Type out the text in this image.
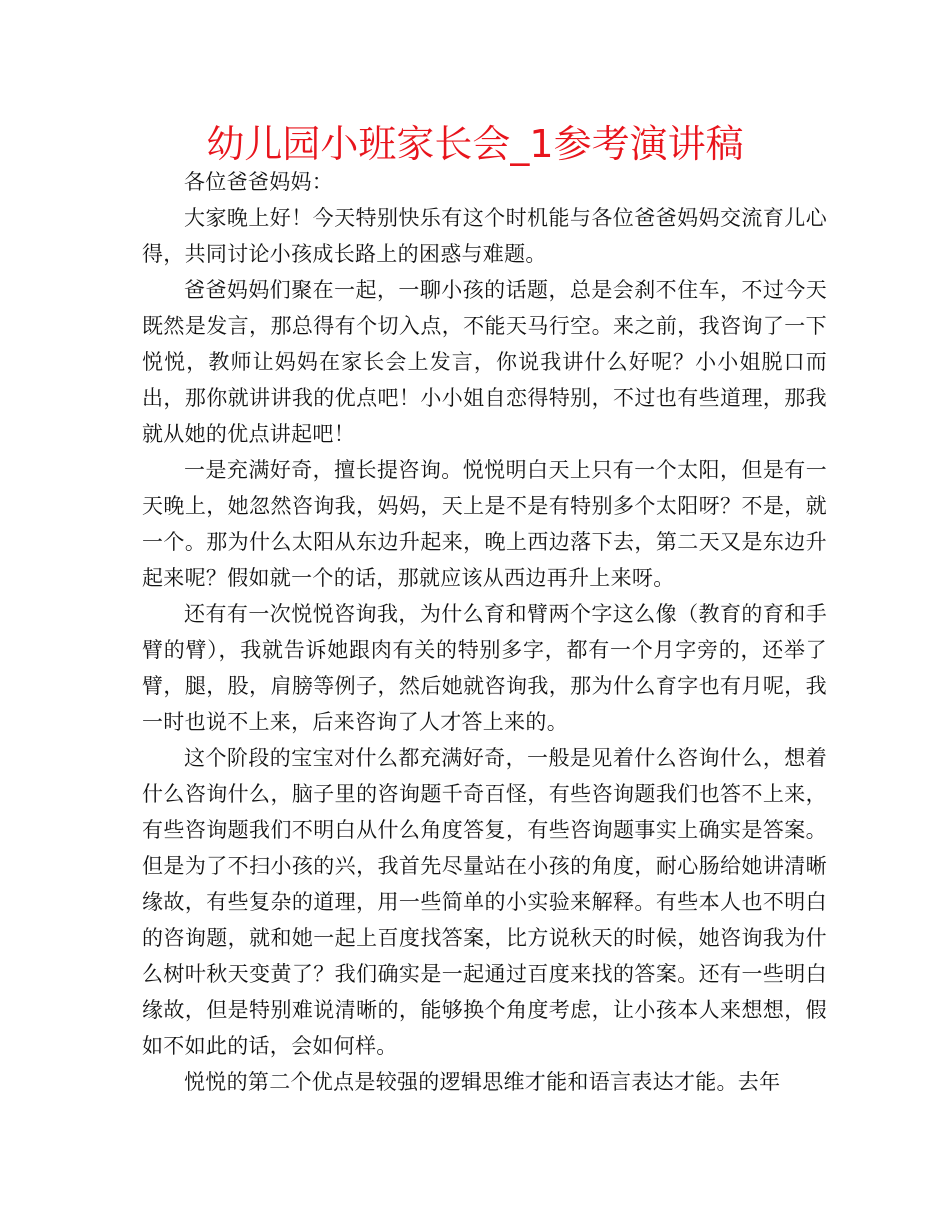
幼儿园小班家长会_1参考演讲稿

各位爸爸妈妈：

大家晚上好！今天特别快乐有这个时机能与各位爸爸妈妈交流育儿心得，共同讨论小孩成长路上的困惑与难题。

爸爸妈妈们聚在一起，一聊小孩的话题，总是会刹不住车，不过今天既然是发言，那总得有个切入点，不能天马行空。来之前，我咨询了一下悦悦，教师让妈妈在家长会上发言，你说我讲什么好呢？小小姐脱口而出，那你就讲讲我的优点吧！小小姐自恋得特别，不过也有些道理，那我就从她的优点讲起吧！

一是充满好奇，擅长提咨询。悦悦明白天上只有一个太阳，但是有一天晚上，她忽然咨询我，妈妈，天上是不是有特别多个太阳呀？不是，就一个。那为什么太阳从东边升起来，晚上西边落下去，第二天又是东边升起来呢？假如就一个的话，那就应该从西边再升上来呀。

还有有一次悦悦咨询我，为什么育和臂两个字这么像（教育的育和手臂的臂），我就告诉她跟肉有关的特别多字，都有一个月字旁的，还举了臂，腿，股，肩膀等例子，然后她就咨询我，那为什么育字也有月呢，我一时也说不上来，后来咨询了人才答上来的。

这个阶段的宝宝对什么都充满好奇，一般是见着什么咨询什么，想着什么咨询什么，脑子里的咨询题千奇百怪，有些咨询题我们也答不上来，有些咨询题我们不明白从什么角度答复，有些咨询题事实上确实是答案。但是为了不扫小孩的兴，我首先尽量站在小孩的角度，耐心肠给她讲清晰缘故，有些复杂的道理，用一些简单的小实验来解释。有些本人也不明白的咨询题，就和她一起上百度找答案，比方说秋天的时候，她咨询我为什么树叶秋天变黄了？我们确实是一起通过百度来找的答案。还有一些明白缘故，但是特别难说清晰的，能够换个角度考虑，让小孩本人来想想，假如不如此的话，会如何样。

悦悦的第二个优点是较强的逻辑思维才能和语言表达才能。去年
